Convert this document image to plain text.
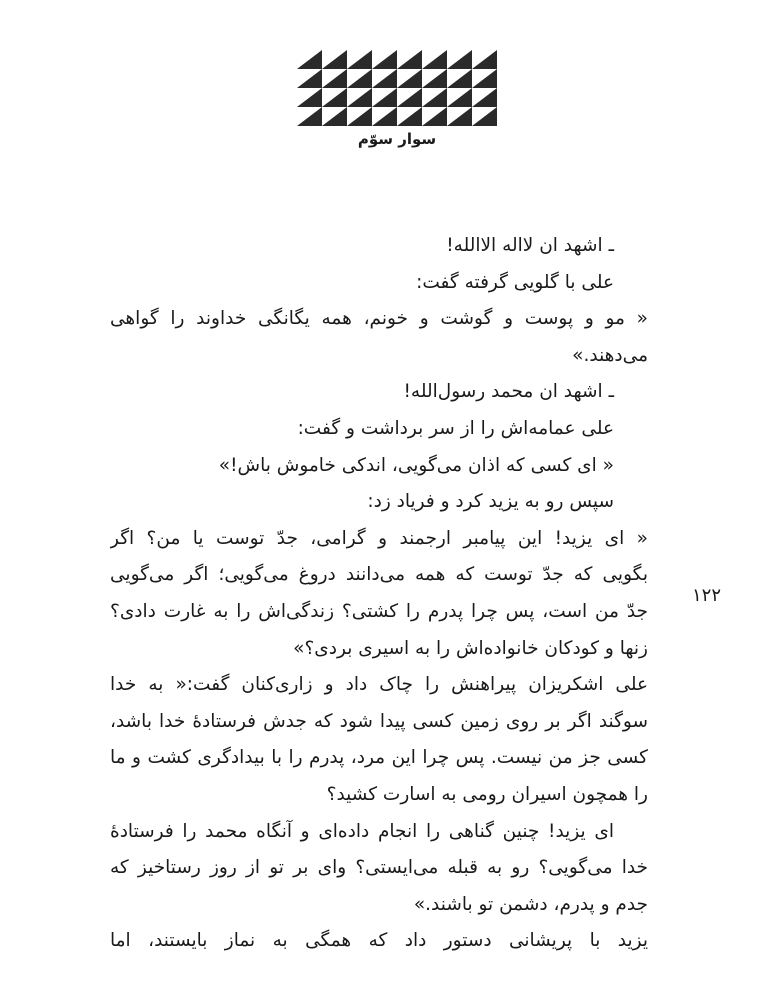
سوار سوّم
۱۲۲
ـ اشهد ان لااله الاالله!
علی با گلویی گرفته گفت:
« مو و پوست و گوشت و خونم، همه یگانگی خداوند را گواهی
می‌دهند.»
ـ اشهد ان محمد رسول‌الله!
علی عمامه‌اش را از سر برداشت و گفت:
« ای کسی که اذان می‌گویی، اندکی خاموش باش!»
سپس رو به یزید کرد و فریاد زد:
« ای یزید! این پیامبر ارجمند و گرامی، جدّ توست یا من؟ اگر
بگویی که جدّ توست که همه می‌دانند دروغ می‌گویی؛ اگر می‌گویی
جدّ من است، پس چرا پدرم را کشتی؟ زندگی‌اش را به غارت دادی؟
زنها و کودکان خانواده‌اش را به اسیری بردی؟»
علی اشکریزان پیراهنش را چاک داد و زاری‌کنان گفت:« به خدا
سوگند اگر بر روی زمین کسی پیدا شود که جدش فرستادهٔ خدا باشد،
کسی جز من نیست. پس چرا این مرد، پدرم را با بیدادگری کشت و ما
را همچون اسیران رومی به اسارت کشید؟
ای یزید! چنین گناهی را انجام داده‌ای و آنگاه محمد را فرستادهٔ
خدا می‌گویی؟ رو به قبله می‌ایستی؟ وای بر تو از روز رستاخیز که
جدم و پدرم، دشمن تو باشند.»
یزید با پریشانی دستور داد که همگی به نماز بایستند، اما
